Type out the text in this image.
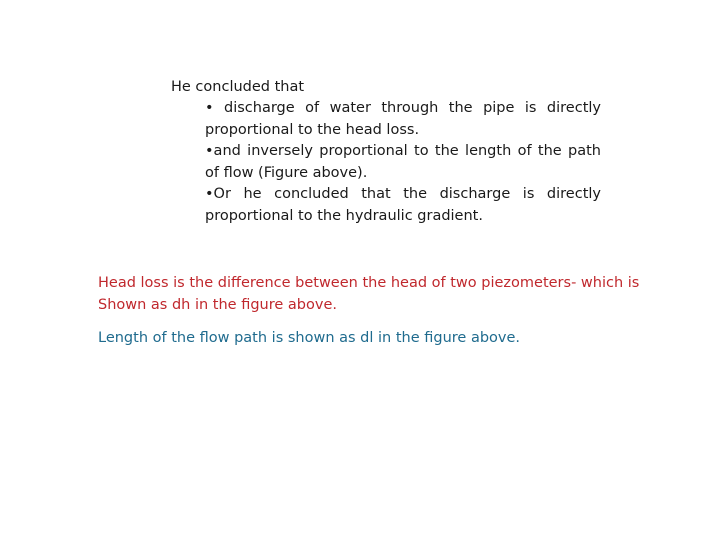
He concluded that

• discharge of water through the pipe is directly proportional to the head loss.

•and inversely proportional to the length of the path of flow (Figure above).

•Or he concluded that the discharge is directly proportional to the hydraulic gradient.

Head loss is the difference between the head of two piezometers- which is Shown as dh in the figure above.

Length of the flow path is shown as dl in the figure above.
